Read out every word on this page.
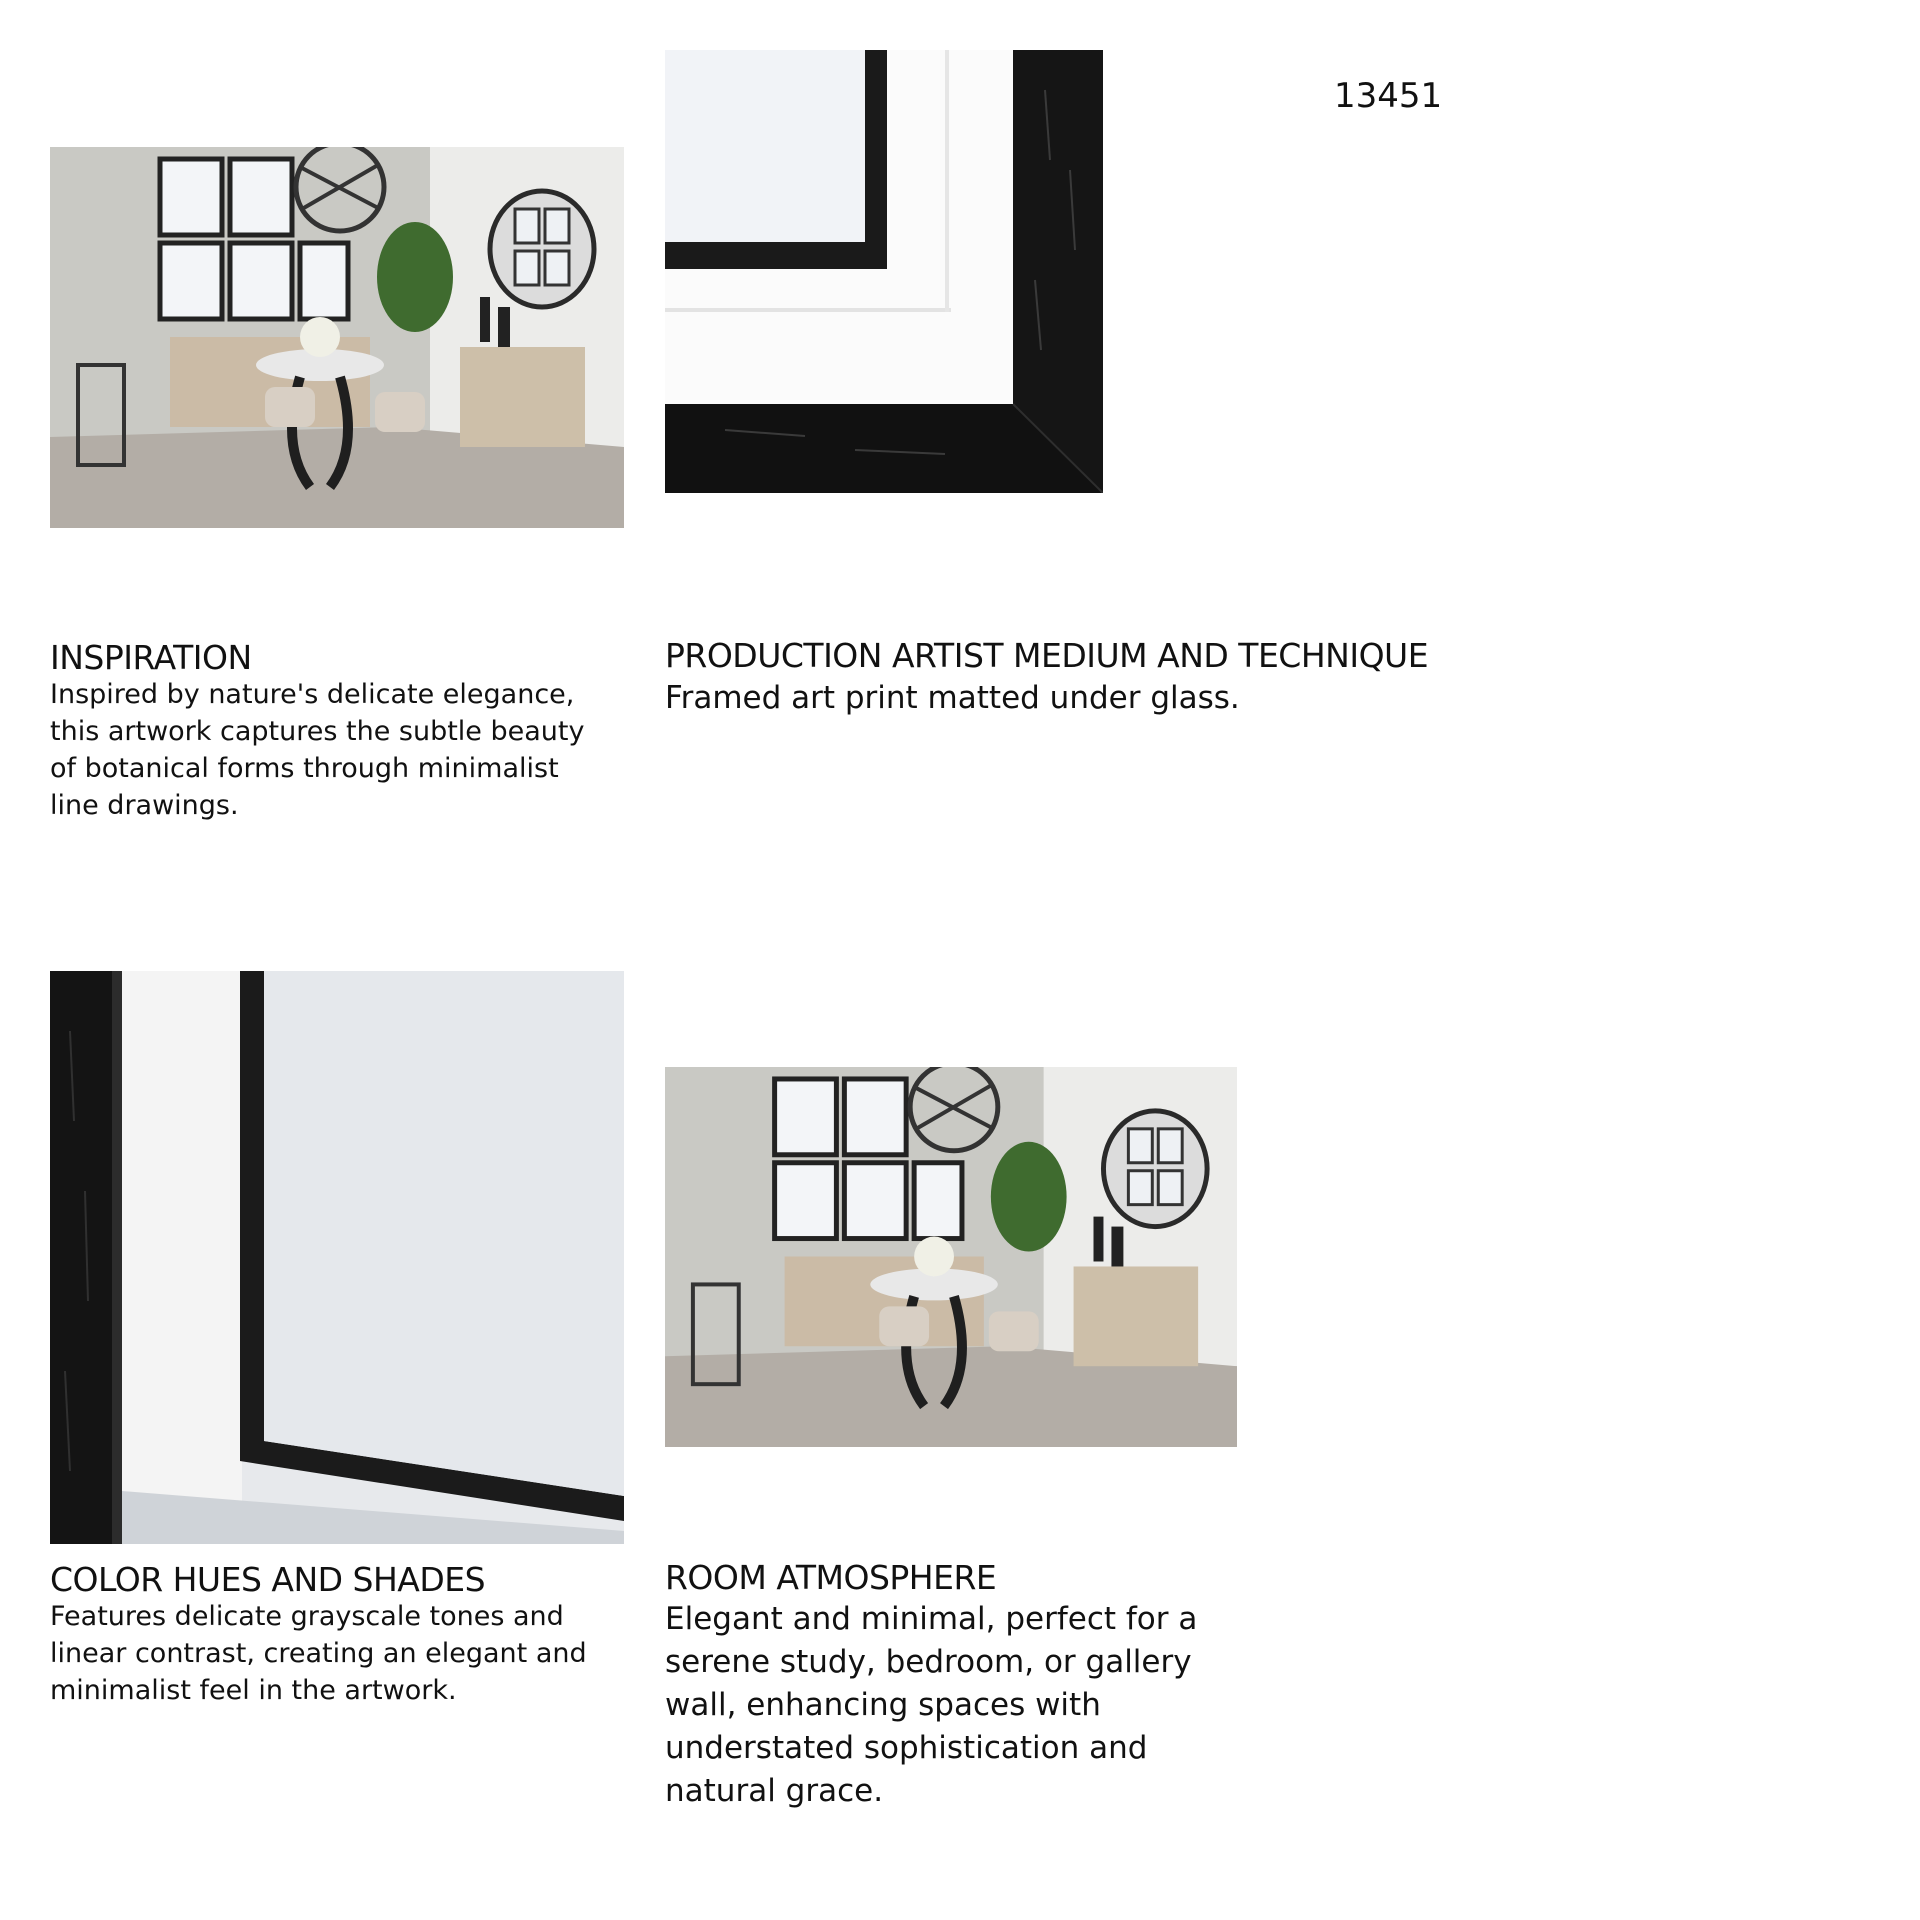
13451
INSPIRATION
Inspired by nature's delicate elegance, this artwork captures the subtle beauty of botanical forms through minimalist line drawings.
PRODUCTION ARTIST MEDIUM AND TECHNIQUE
Framed art print matted under glass.
COLOR HUES AND SHADES
Features delicate grayscale tones and linear contrast, creating an elegant and minimalist feel in the artwork.
ROOM ATMOSPHERE
Elegant and minimal, perfect for a serene study, bedroom, or gallery wall, enhancing spaces with understated sophistication and natural grace.
